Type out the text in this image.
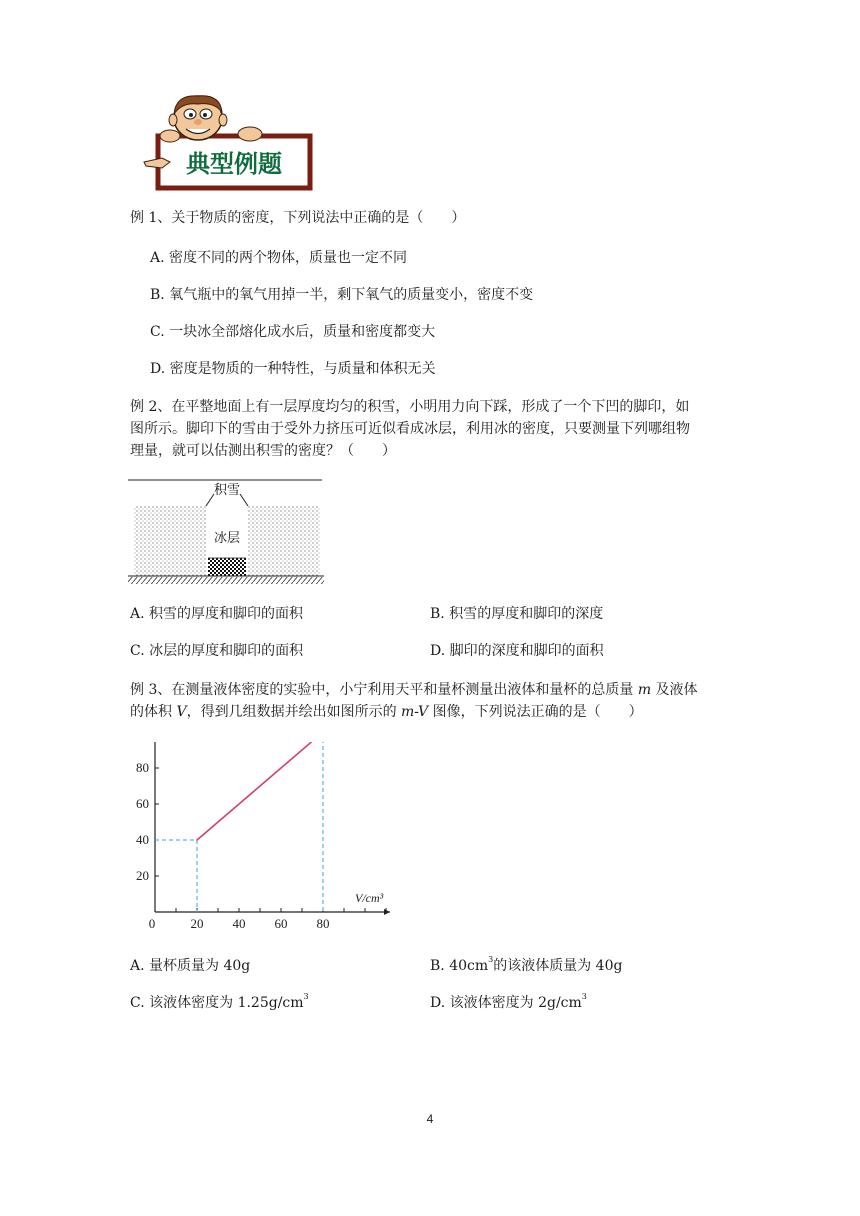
典型例题
例 1、关于物质的密度，下列说法中正确的是（　　）
A. 密度不同的两个物体，质量也一定不同
B. 氧气瓶中的氧气用掉一半，剩下氧气的质量变小，密度不变
C. 一块冰全部熔化成水后，质量和密度都变大
D. 密度是物质的一种特性，与质量和体积无关
例 2、在平整地面上有一层厚度均匀的积雪，小明用力向下踩，形成了一个下凹的脚印，如
图所示。脚印下的雪由于受外力挤压可近似看成冰层，利用冰的密度，只要测量下列哪组物
理量，就可以估测出积雪的密度？（　　）
积雪
冰层
A. 积雪的厚度和脚印的面积	B. 积雪的厚度和脚印的深度
C. 冰层的厚度和脚印的面积	D. 脚印的深度和脚印的面积
例 3、在测量液体密度的实验中，小宁利用天平和量杯测量出液体和量杯的总质量 m 及液体
的体积 V，得到几组数据并绘出如图所示的 m-V 图像，下列说法正确的是（　　）
0	20 40 60 80
20
40
60
80
V/cm³
A. 量杯质量为 40g	B. $40cm^3$的该液体质量为 40g
C. 该液体密度为 $1.25g/cm^3$	D. 该液体密度为 $2g/cm^3$
4
